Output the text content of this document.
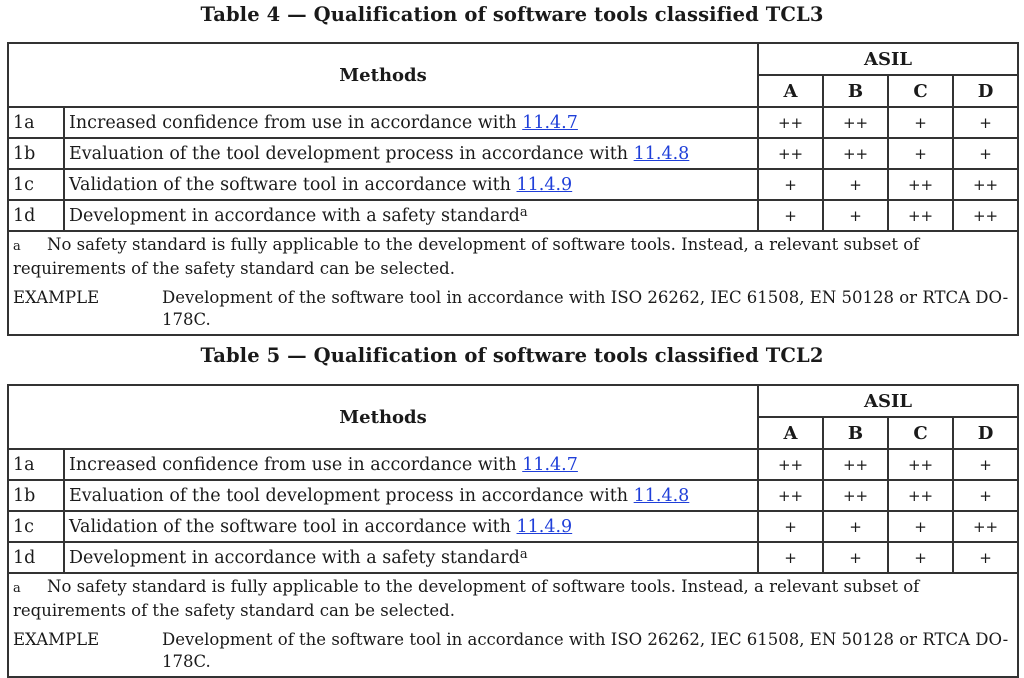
Table 4 — Qualification of software tools classified TCL3
Methods		ASIL			
		A	B	C	D
1a	Increased confidence from use in accordance with 11.4.7	++	++	+	+
1b	Evaluation of the tool development process in accordance with 11.4.8	++	++	+	+
1c	Validation of the software tool in accordance with 11.4.9	+	+	++	++
1d	Development in accordance with a safety standard$^a$	+	+	++	++

a No safety standard is fully applicable to the development of software tools. Instead, a relevant subset of requirements of the safety standard can be selected.
EXAMPLE Development of the software tool in accordance with ISO 26262, IEC 61508, EN 50128 or RTCA DO-178C.					
Table 5 — Qualification of software tools classified TCL2
Methods		ASIL			
		A	B	C	D
1a	Increased confidence from use in accordance with 11.4.7	++	++	++	+
1b	Evaluation of the tool development process in accordance with 11.4.8	++	++	++	+
1c	Validation of the software tool in accordance with 11.4.9	+	+	+	++
1d	Development in accordance with a safety standard$^a$	+	+	+	+

a No safety standard is fully applicable to the development of software tools. Instead, a relevant subset of requirements of the safety standard can be selected.
EXAMPLE Development of the software tool in accordance with ISO 26262, IEC 61508, EN 50128 or RTCA DO-178C.					
